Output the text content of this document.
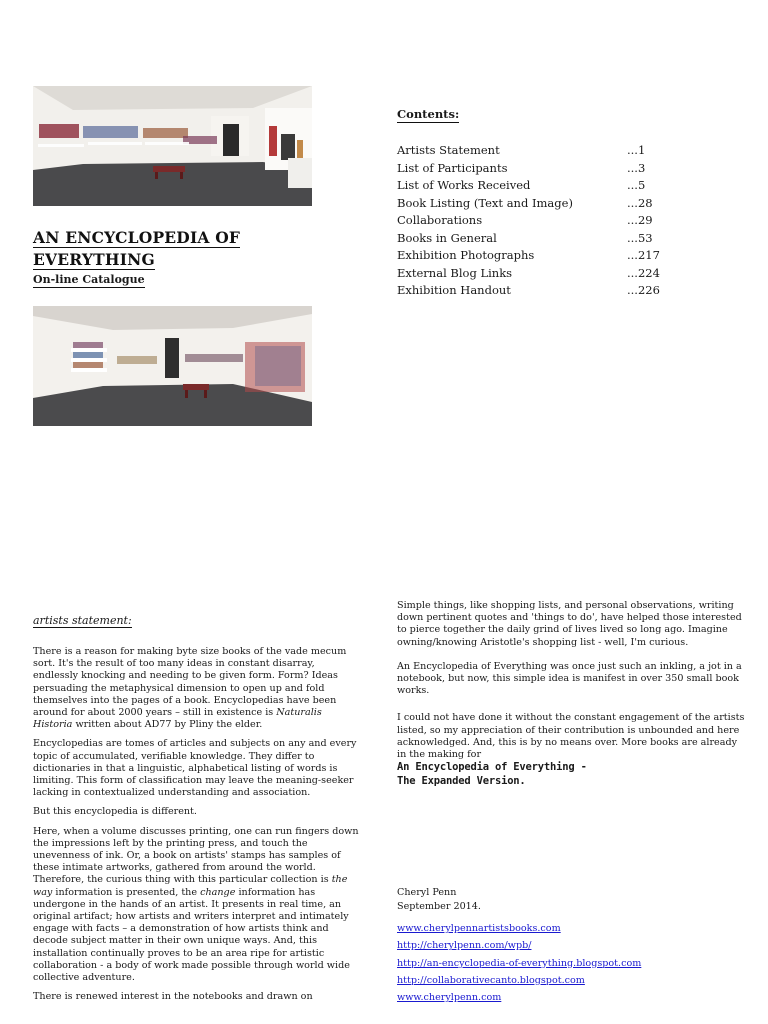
AN ENCYCLOPEDIA OF
EVERYTHING
On-line Catalogue
Contents:
Artists Statement	...1
List of Participants	...3
List of Works Received	...5
Book Listing (Text and Image)	...28
Collaborations	...29
Books in General	...53
Exhibition Photographs	...217
External Blog Links	...224
Exhibition Handout	...226
artists statement:

There is a reason for making byte size books of the vade mecum sort. It's the result of too many ideas in constant disarray, endlessly knocking and needing to be given form. Form? Ideas persuading the metaphysical dimension to open up and fold themselves into the pages of a book. Encyclopedias have been around for about 2000 years – still in existence is Naturalis Historia written about AD77 by Pliny the elder.

Encyclopedias are tomes of articles and subjects on any and every topic of accumulated, verifiable knowledge. They differ to dictionaries in that a linguistic, alphabetical listing of words is limiting. This form of classification may leave the meaning-seeker lacking in contextualized understanding and association.

But this encyclopedia is different.

Here, when a volume discusses printing, one can run fingers down the impressions left by the printing press, and touch the unevenness of ink. Or, a book on artists' stamps has samples of these intimate artworks, gathered from around the world. Therefore, the curious thing with this particular collection is the way information is presented, the change information has undergone in the hands of an artist. It presents in real time, an original artifact; how artists and writers interpret and intimately engage with facts – a demonstration of how artists think and decode subject matter in their own unique ways. And, this installation continually proves to be an area ripe for artistic collaboration - a body of work made possible through world wide collective adventure.

There is renewed interest in the notebooks and drawn on

Simple things, like shopping lists, and personal observations, writing down pertinent quotes and 'things to do', have helped those interested to pierce together the daily grind of lives lived so long ago. Imagine owning/knowing Aristotle's shopping list - well, I'm curious.

An Encyclopedia of Everything was once just such an inkling, a jot in a notebook, but now, this simple idea is manifest in over 350 small book works.

I could not have done it without the constant engagement of the artists listed, so my appreciation of their contribution is unbounded and here acknowledged. And, this is by no means over. More books are already in the making for

An Encyclopedia of Everything -
The Expanded Version.
Cheryl Penn
September 2014.
www.cherylpennartistsbooks.com
http://cherylpenn.com/wpb/
http://an-encyclopedia-of-everything.blogspot.com
http://collaborativecanto.blogspot.com
www.cherylpenn.com
